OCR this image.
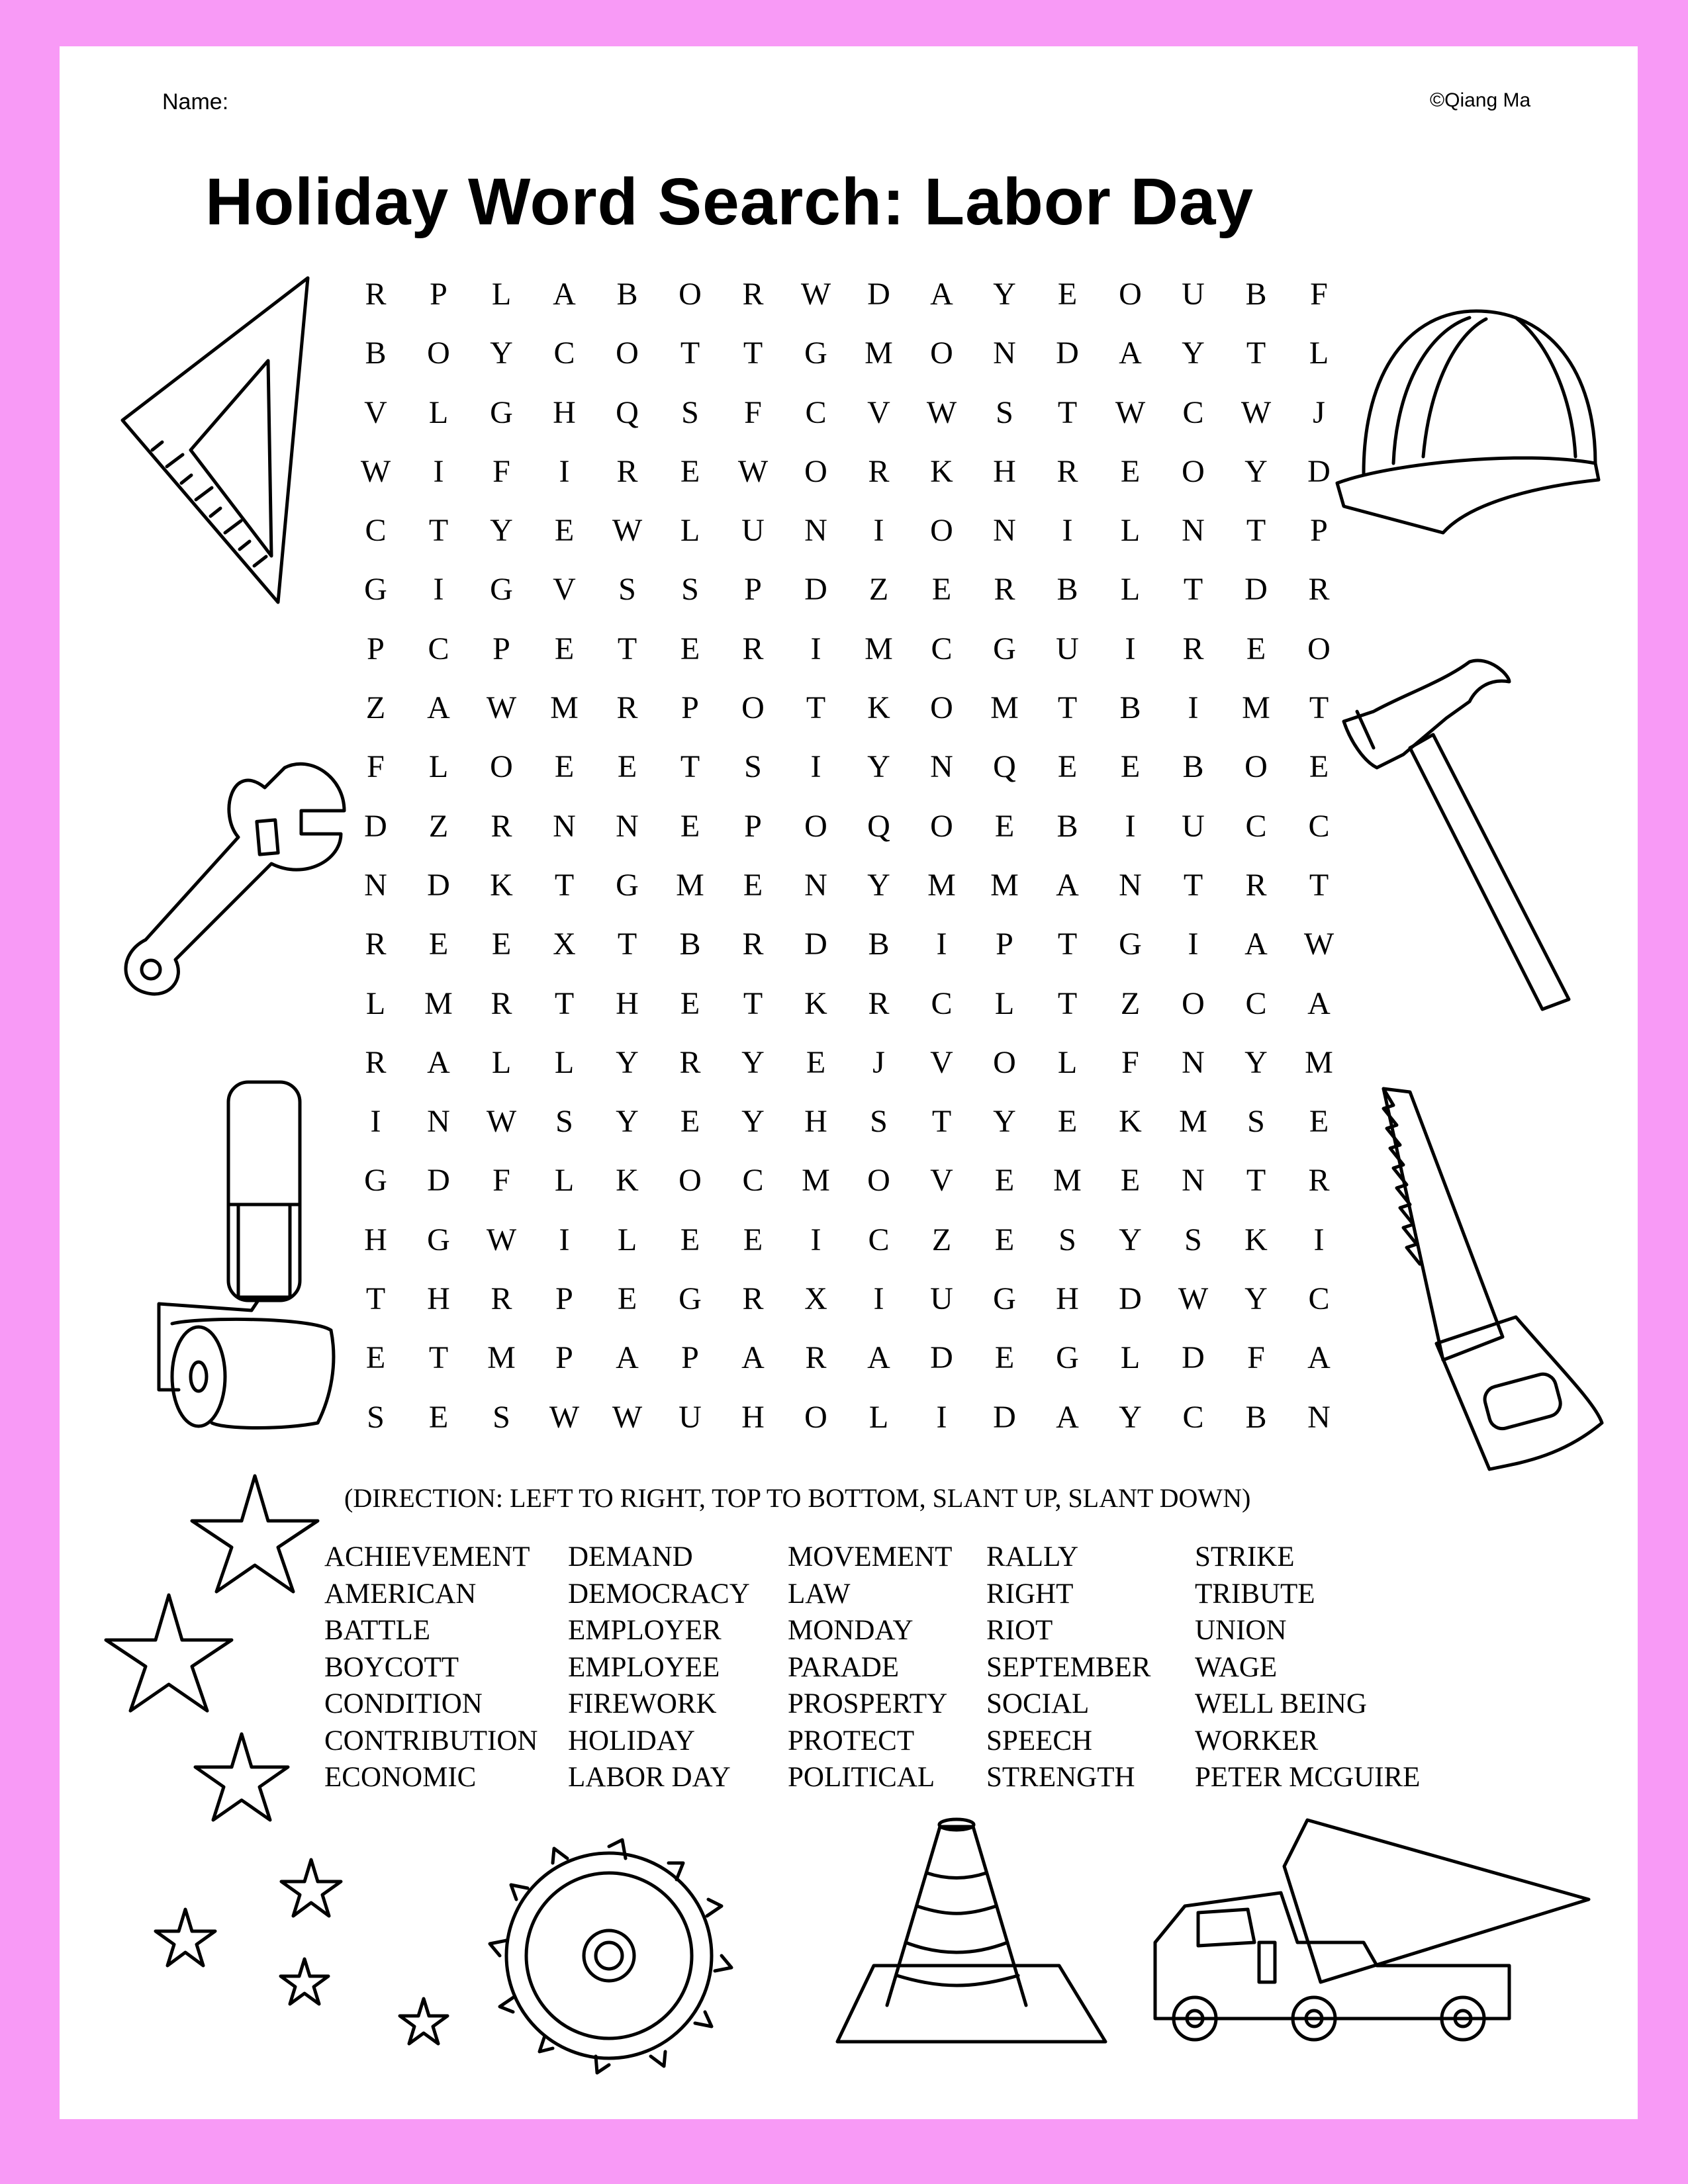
Name:	©Qiang Ma
Holiday Word Search: Labor Day
R	P	L	A	B	O	R	W	D	A	Y	E	O	U	B	F
B	O	Y	C	O	T	T	G	M	O	N	D	A	Y	T	L
V	L	G	H	Q	S	F	C	V	W	S	T	W	C	W	J
W	I	F	I	R	E	W	O	R	K	H	R	E	O	Y	D
C	T	Y	E	W	L	U	N	I	O	N	I	L	N	T	P
G	I	G	V	S	S	P	D	Z	E	R	B	L	T	D	R
P	C	P	E	T	E	R	I	M	C	G	U	I	R	E	O
Z	A	W	M	R	P	O	T	K	O	M	T	B	I	M	T
F	L	O	E	E	T	S	I	Y	N	Q	E	E	B	O	E
D	Z	R	N	N	E	P	O	Q	O	E	B	I	U	C	C
N	D	K	T	G	M	E	N	Y	M	M	A	N	T	R	T
R	E	E	X	T	B	R	D	B	I	P	T	G	I	A	W
L	M	R	T	H	E	T	K	R	C	L	T	Z	O	C	A
R	A	L	L	Y	R	Y	E	J	V	O	L	F	N	Y	M
I	N	W	S	Y	E	Y	H	S	T	Y	E	K	M	S	E
G	D	F	L	K	O	C	M	O	V	E	M	E	N	T	R
H	G	W	I	L	E	E	I	C	Z	E	S	Y	S	K	I
T	H	R	P	E	G	R	X	I	U	G	H	D	W	Y	C
E	T	M	P	A	P	A	R	A	D	E	G	L	D	F	A
S	E	S	W	W	U	H	O	L	I	D	A	Y	C	B	N
(DIRECTION: LEFT TO RIGHT, TOP TO BOTTOM, SLANT UP, SLANT DOWN)
ACHIEVEMENT
AMERICAN
BATTLE
BOYCOTT
CONDITION
CONTRIBUTION
ECONOMIC
DEMAND
DEMOCRACY
EMPLOYER
EMPLOYEE
FIREWORK
HOLIDAY
LABOR DAY
MOVEMENT
LAW
MONDAY
PARADE
PROSPERTY
PROTECT
POLITICAL
RALLY
RIGHT
RIOT
SEPTEMBER
SOCIAL
SPEECH
STRENGTH
STRIKE
TRIBUTE
UNION
WAGE
WELL BEING
WORKER
PETER MCGUIRE
